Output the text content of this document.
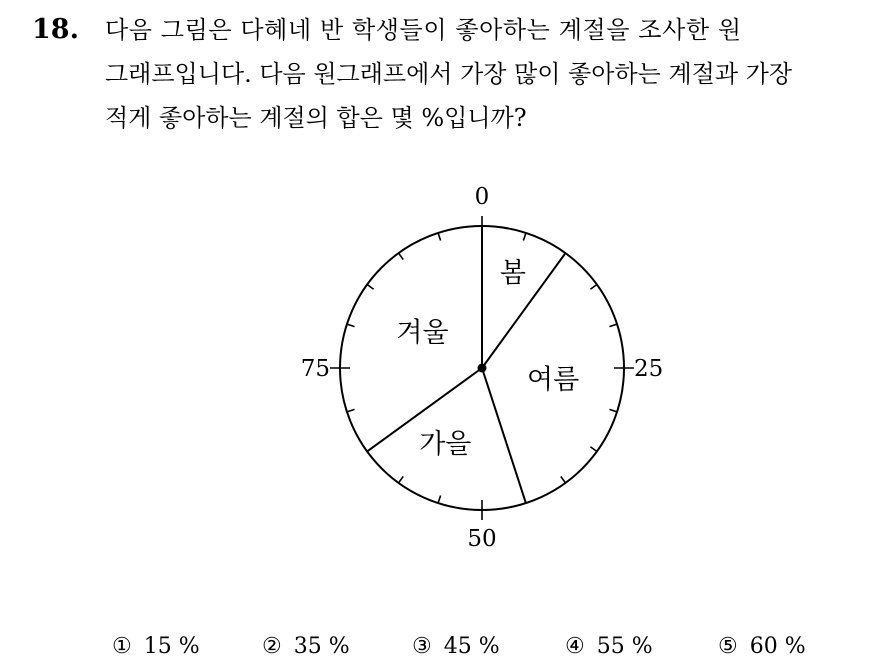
18. 다음 그림은 다혜네 반 학생들이 좋아하는 계절을 조사한 원
그래프입니다. 다음 원그래프에서 가장 많이 좋아하는 계절과 가장
적게 좋아하는 계절의 합은 몇 %입니까?
0
25
50
75
봄
여름
가을
겨울
① 15 %	② 35 %	③ 45 %	④ 55 %	⑤ 60 %
